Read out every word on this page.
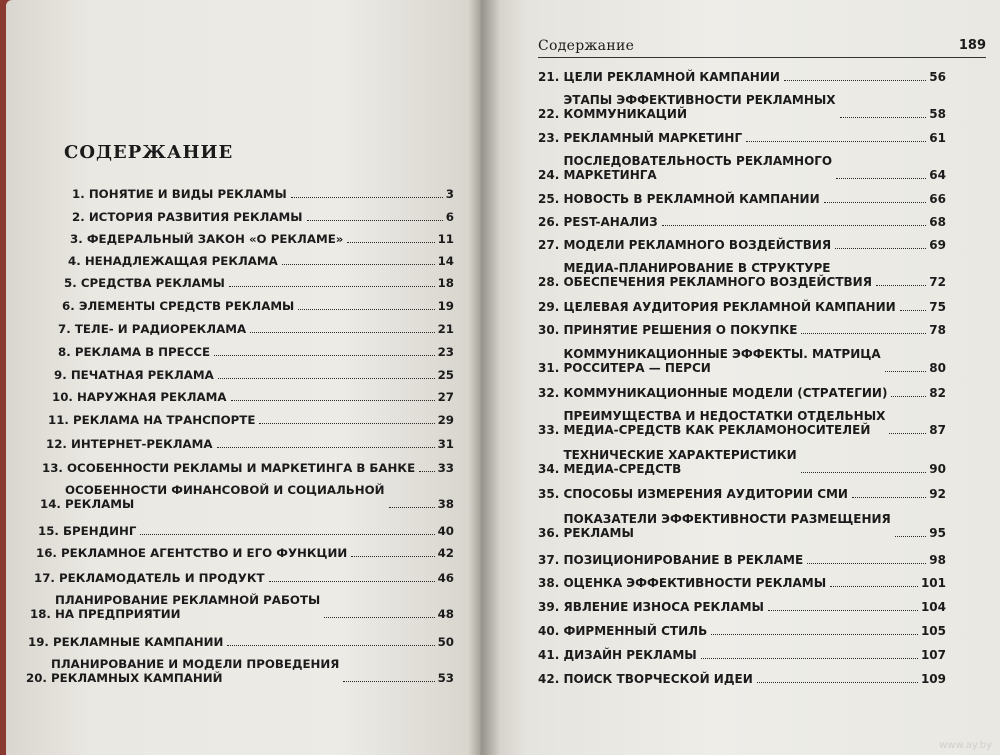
СОДЕРЖАНИЕ
1.
ПОНЯТИЕ И ВИДЫ РЕКЛАМЫ	3
2.
ИСТОРИЯ РАЗВИТИЯ РЕКЛАМЫ	6
3.
ФЕДЕРАЛЬНЫЙ ЗАКОН «О РЕКЛАМЕ»	11
4.
НЕНАДЛЕЖАЩАЯ РЕКЛАМА	14
5.
СРЕДСТВА РЕКЛАМЫ	18
6.
ЭЛЕМЕНТЫ СРЕДСТВ РЕКЛАМЫ	19
7.
ТЕЛЕ- И РАДИОРЕКЛАМА	21
8.
РЕКЛАМА В ПРЕССЕ	23
9.
ПЕЧАТНАЯ РЕКЛАМА	25
10.
НАРУЖНАЯ РЕКЛАМА	27
11.
РЕКЛАМА НА ТРАНСПОРТЕ	29
12.
ИНТЕРНЕТ-РЕКЛАМА	31
13.
ОСОБЕННОСТИ РЕКЛАМЫ И МАРКЕТИНГА В БАНКЕ 33
14.

ОСОБЕННОСТИ ФИНАНСОВОЙ И СОЦИАЛЬНОЙ
РЕКЛАМЫ	38
15.
БРЕНДИНГ	40
16.
РЕКЛАМНОЕ АГЕНТСТВО И ЕГО ФУНКЦИИ	42
17.
РЕКЛАМОДАТЕЛЬ И ПРОДУКТ	46
18.

ПЛАНИРОВАНИЕ РЕКЛАМНОЙ РАБОТЫ
НА ПРЕДПРИЯТИИ	48
19.
РЕКЛАМНЫЕ КАМПАНИИ	50
20.

ПЛАНИРОВАНИЕ И МОДЕЛИ ПРОВЕДЕНИЯ
РЕКЛАМНЫХ КАМПАНИЙ	53
Содержание	189
21.
ЦЕЛИ РЕКЛАМНОЙ КАМПАНИИ	56
22.

ЭТАПЫ ЭФФЕКТИВНОСТИ РЕКЛАМНЫХ
КОММУНИКАЦИЙ	58
23.
РЕКЛАМНЫЙ МАРКЕТИНГ	61
24.

ПОСЛЕДОВАТЕЛЬНОСТЬ РЕКЛАМНОГО
МАРКЕТИНГА	64
25.
НОВОСТЬ В РЕКЛАМНОЙ КАМПАНИИ	66
26.
PEST-АНАЛИЗ	68
27.
МОДЕЛИ РЕКЛАМНОГО ВОЗДЕЙСТВИЯ	69
28.

МЕДИА-ПЛАНИРОВАНИЕ В СТРУКТУРЕ
ОБЕСПЕЧЕНИЯ РЕКЛАМНОГО ВОЗДЕЙСТВИЯ	72
29.
ЦЕЛЕВАЯ АУДИТОРИЯ РЕКЛАМНОЙ КАМПАНИИ	75
30.
ПРИНЯТИЕ РЕШЕНИЯ О ПОКУПКЕ	78
31.

КОММУНИКАЦИОННЫЕ ЭФФЕКТЫ. МАТРИЦА
РОССИТЕРА — ПЕРСИ	80
32.
КОММУНИКАЦИОННЫЕ МОДЕЛИ (СТРАТЕГИИ)	82
33.

ПРЕИМУЩЕСТВА И НЕДОСТАТКИ ОТДЕЛЬНЫХ
МЕДИА-СРЕДСТВ КАК РЕКЛАМОНОСИТЕЛЕЙ	87
34.

ТЕХНИЧЕСКИЕ ХАРАКТЕРИСТИКИ
МЕДИА-СРЕДСТВ	90
35.
СПОСОБЫ ИЗМЕРЕНИЯ АУДИТОРИИ СМИ	92
36.

ПОКАЗАТЕЛИ ЭФФЕКТИВНОСТИ РАЗМЕЩЕНИЯ
РЕКЛАМЫ	95
37.
ПОЗИЦИОНИРОВАНИЕ В РЕКЛАМЕ	98
38.
ОЦЕНКА ЭФФЕКТИВНОСТИ РЕКЛАМЫ	101
39.
ЯВЛЕНИЕ ИЗНОСА РЕКЛАМЫ	104
40.
ФИРМЕННЫЙ СТИЛЬ	105
41.
ДИЗАЙН РЕКЛАМЫ	107
42.
ПОИСК ТВОРЧЕСКОЙ ИДЕИ	109
www.ay.by
